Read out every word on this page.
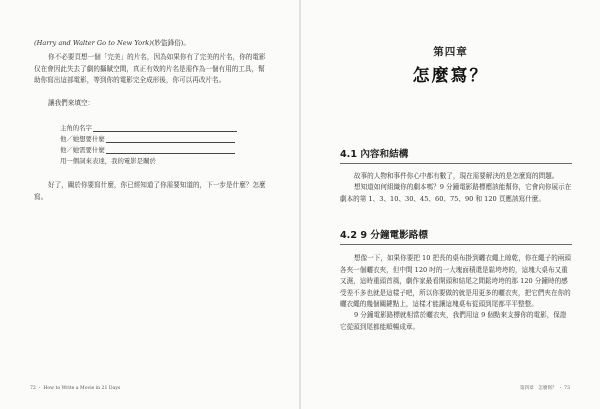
(Harry and Walter Go to New York)(妙盜鋒俗)。
你不必要頁想一個「完美」的片名，因為如果你有了完美的片名，你的電影仅在會因此失去了劇的攝賦空間，真正有效的片名是需作為一個有用的工具，幫助你寫出這部電影，等到你的電影完全成形後，你可以再改片名。
讓我們來填空：
主角的名字
他／她想要什麼
他／她需要什麼
用一個詞來表達，我的電影是關於
好了，關於你要寫什麼，你已經知道了你需要知道的，下一步是什麼？怎麼寫。
72 ・ How to Write a Movie in 21 Days
第四章
怎麼寫？
4.1 內容和結構
故事的人物和事件你心中都有數了，現在需要解決的是怎麼寫的問題。
想知道如何組織你的劇本嗎？9 分鐘電影路標應該能幫你，它會向你展示在劇本的第 1、3、10、30、45、60、75、90 和 120 頁應該寫什麼。
4.2 9 分鐘電影路標
想像一下，如果你要把 10 把長的桌布掛到曬衣繩上晾乾，你在繩子的兩頭各夾一個曬衣夾，但中間 120 吋的一大塊面積還是鬆垮垮的，這塊大桌布又重又濕，這時重頭首風，劇作家最看開頭和結尾之間鬆垮垮的那 120 分鐘時的感受差不多也就是這樣子吧，所以你要做的就是用更多的曬衣夾，把它們夾在你的曬衣繩的幾個關鍵點上，這樣才能讓這塊桌布從頭到尾都平平整整。
9 分鐘電影路標就相當於曬衣夾，我們用這 9 個點來支撐你的電影，保證它從頭到尾都能順暢成章。
第四章　怎麼寫？ ・ 73
